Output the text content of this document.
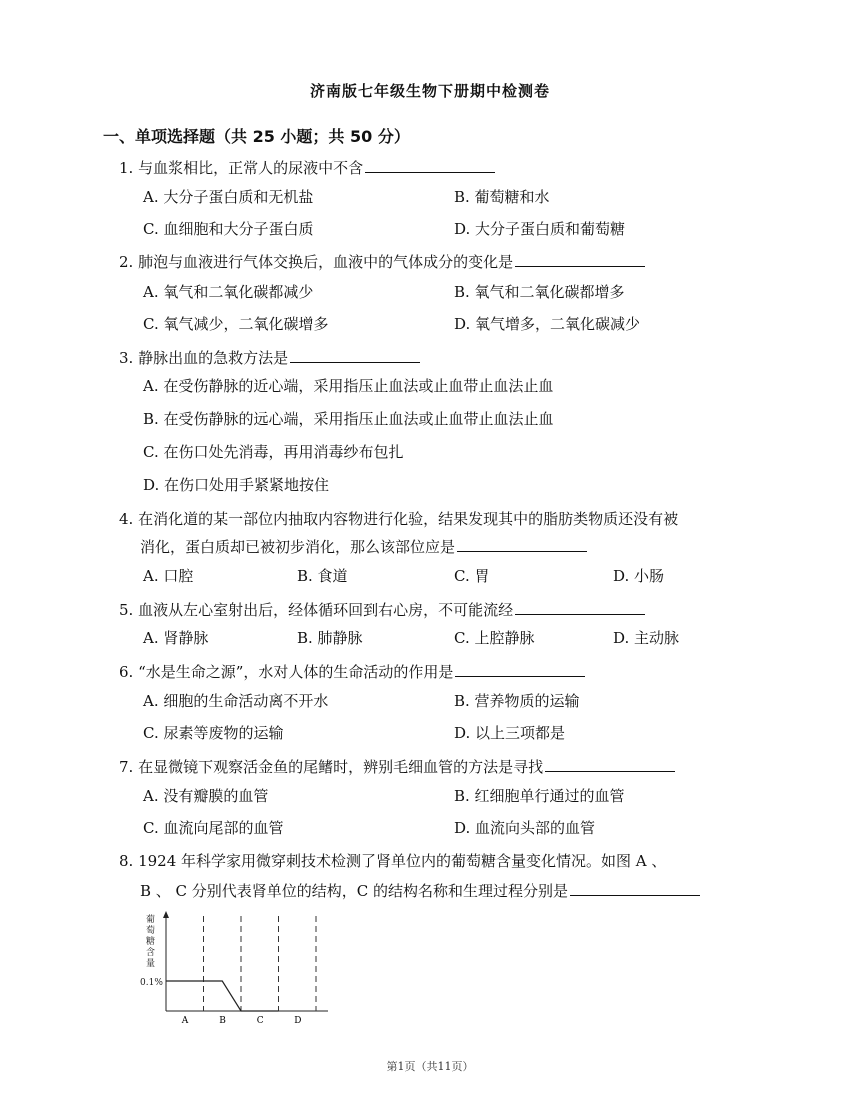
济南版七年级生物下册期中检测卷
一、单项选择题（共 25 小题；共 50 分）
1. 与血浆相比，正常人的尿液中不含
A. 大分子蛋白质和无机盐	B. 葡萄糖和水
C. 血细胞和大分子蛋白质	D. 大分子蛋白质和葡萄糖
2. 肺泡与血液进行气体交换后，血液中的气体成分的变化是
A. 氧气和二氧化碳都减少	B. 氧气和二氧化碳都增多
C. 氧气减少，二氧化碳增多	D. 氧气增多，二氧化碳减少
3. 静脉出血的急救方法是
A. 在受伤静脉的近心端，采用指压止血法或止血带止血法止血
B. 在受伤静脉的远心端，采用指压止血法或止血带止血法止血
C. 在伤口处先消毒，再用消毒纱布包扎
D. 在伤口处用手紧紧地按住
4. 在消化道的某一部位内抽取内容物进行化验，结果发现其中的脂肪类物质还没有被
消化，蛋白质却已被初步消化，那么该部位应是
A. 口腔	B. 食道	C. 胃	D. 小肠
5. 血液从左心室射出后，经体循环回到右心房，不可能流经
A. 肾静脉	B. 肺静脉	C. 上腔静脉	D. 主动脉
6. “水是生命之源”，水对人体的生命活动的作用是
A. 细胞的生命活动离不开水	B. 营养物质的运输
C. 尿素等废物的运输	D. 以上三项都是
7. 在显微镜下观察活金鱼的尾鳍时，辨别毛细血管的方法是寻找
A. 没有瓣膜的血管	B. 红细胞单行通过的血管
C. 血流向尾部的血管	D. 血流向头部的血管
8. 1924 年科学家用微穿刺技术检测了肾单位内的葡萄糖含量变化情况。如图 A 、
B 、 C 分别代表肾单位的结构，C 的结构名称和生理过程分别是
葡
萄
糖
含
量
0.1%
A	B	C	D
第1页（共11页）
